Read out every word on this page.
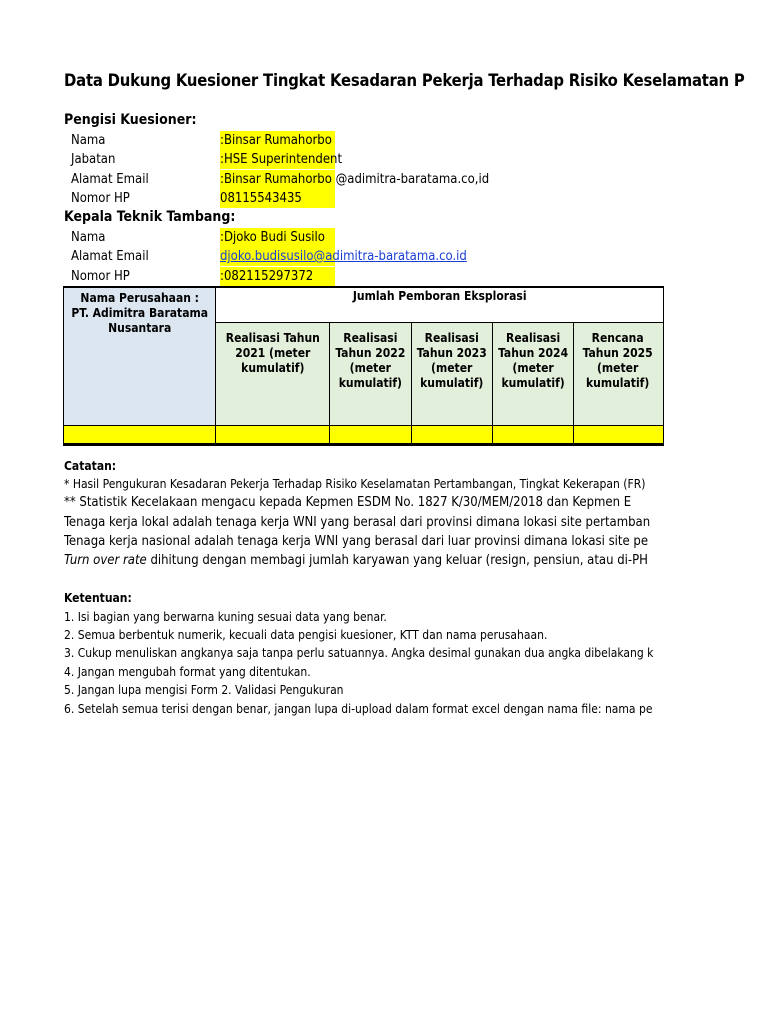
Data Dukung Kuesioner Tingkat Kesadaran Pekerja Terhadap Risiko Keselamatan P
Pengisi Kuesioner:
Nama	:Binsar Rumahorbo
Jabatan	:HSE Superintendent
Alamat Email	:Binsar Rumahorbo @adimitra-baratama.co,id
Nomor HP	08115543435
Kepala Teknik Tambang:
Nama	:Djoko Budi Susilo
Alamat Email	djoko.budisusilo@adimitra-baratama.co.id
Nomor HP	:082115297372
Nama Perusahaan : PT. Adimitra Baratama Nusantara	Jumlah Pemboran Eksplorasi				

	Realisasi Tahun 2021 (meter kumulatif)	Realisasi Tahun 2022 (meter kumulatif)	Realisasi Tahun 2023 (meter kumulatif)	Realisasi Tahun 2024 (meter kumulatif)	Rencana Tahun 2025 (meter kumulatif)

Catatan:
* Hasil Pengukuran Kesadaran Pekerja Terhadap Risiko Keselamatan Pertambangan, Tingkat Kekerapan (FR)
** Statistik Kecelakaan mengacu kepada Kepmen ESDM No. 1827 K/30/MEM/2018 dan Kepmen E
Tenaga kerja lokal adalah tenaga kerja WNI yang berasal dari provinsi dimana lokasi site pertamban
Tenaga kerja nasional adalah tenaga kerja WNI yang berasal dari luar provinsi dimana lokasi site pe
Turn over rate dihitung dengan membagi jumlah karyawan yang keluar (resign, pensiun, atau di-PH
Ketentuan:
1. Isi bagian yang berwarna kuning sesuai data yang benar.
2. Semua berbentuk numerik, kecuali data pengisi kuesioner, KTT dan nama perusahaan.
3. Cukup menuliskan angkanya saja tanpa perlu satuannya. Angka desimal gunakan dua angka dibelakang k
4. Jangan mengubah format yang ditentukan.
5. Jangan lupa mengisi Form 2. Validasi Pengukuran
6. Setelah semua terisi dengan benar, jangan lupa di-upload dalam format excel dengan nama file: nama pe
